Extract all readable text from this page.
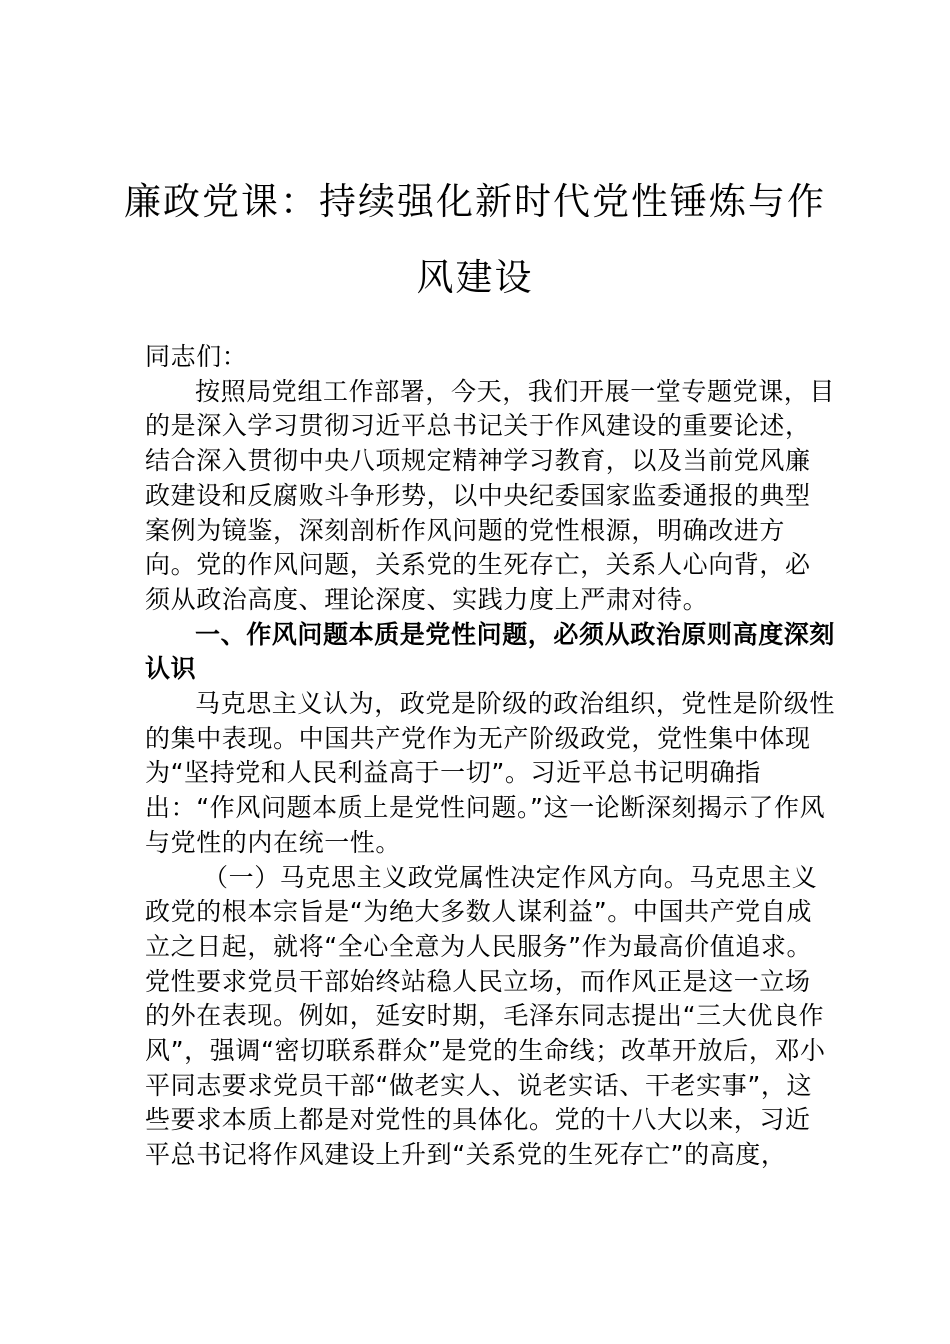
廉政党课：持续强化新时代党性锤炼与作风建设

同志们：

按照局党组工作部署，今天，我们开展一堂专题党课，目的是深入学习贯彻习近平总书记关于作风建设的重要论述，结合深入贯彻中央八项规定精神学习教育，以及当前党风廉政建设和反腐败斗争形势，以中央纪委国家监委通报的典型案例为镜鉴，深刻剖析作风问题的党性根源，明确改进方向。党的作风问题，关系党的生死存亡，关系人心向背，必须从政治高度、理论深度、实践力度上严肃对待。

一、作风问题本质是党性问题，必须从政治原则高度深刻认识

马克思主义认为，政党是阶级的政治组织，党性是阶级性的集中表现。中国共产党作为无产阶级政党，党性集中体现为“坚持党和人民利益高于一切”。习近平总书记明确指出：“作风问题本质上是党性问题。”这一论断深刻揭示了作风与党性的内在统一性。

（一）马克思主义政党属性决定作风方向。马克思主义政党的根本宗旨是“为绝大多数人谋利益”。中国共产党自成立之日起，就将“全心全意为人民服务”作为最高价值追求。党性要求党员干部始终站稳人民立场，而作风正是这一立场的外在表现。例如，延安时期，毛泽东同志提出“三大优良作风”，强调“密切联系群众”是党的生命线；改革开放后，邓小平同志要求党员干部“做老实人、说老实话、干老实事”，这些要求本质上都是对党性的具体化。党的十八大以来，习近平总书记将作风建设上升到“关系党的生死存亡”的高度，
